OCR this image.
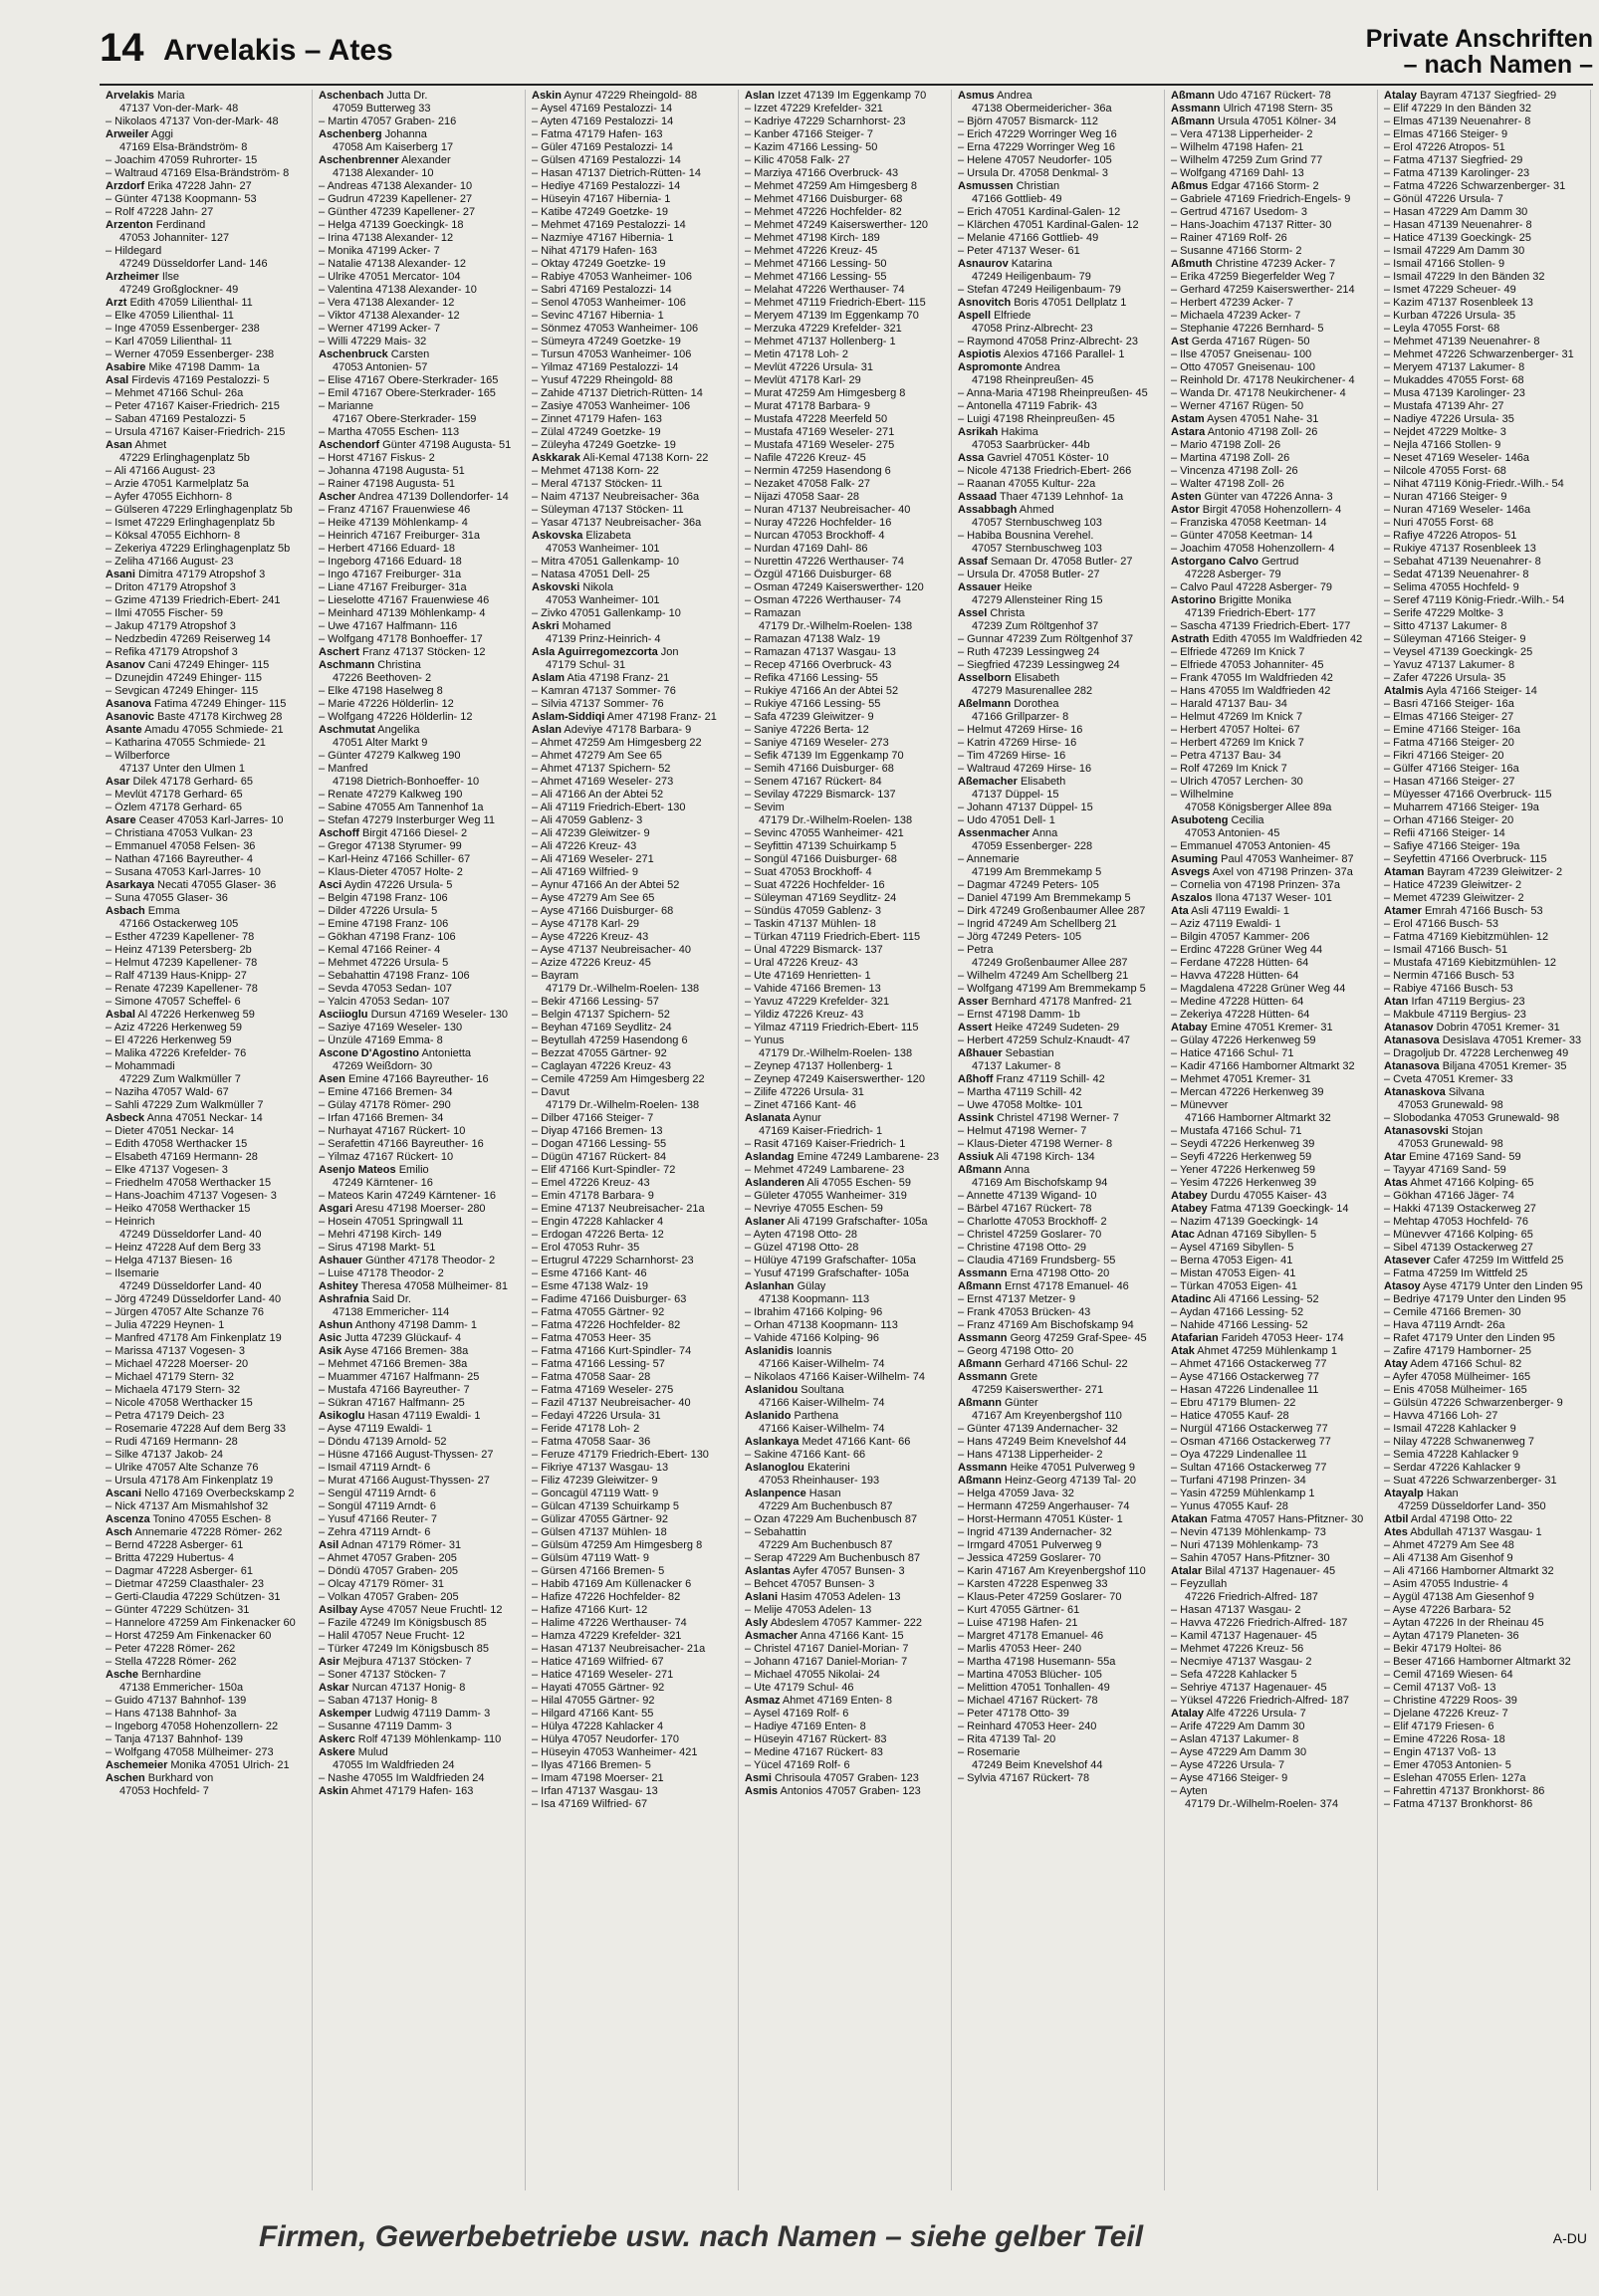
14 Arvelakis – Ates	Private Anschriften
– nach Namen –
Arvelakis Maria
47137 Von-der-Mark- 48
– Nikolaos 47137 Von-der-Mark- 48
Arweiler Aggi
47169 Elsa-Brändström- 8
– Joachim 47059 Ruhrorter- 15
– Waltraud 47169 Elsa-Brändström- 8
Arzdorf Erika 47228 Jahn- 27
– Günter 47138 Koopmann- 53
– Rolf 47228 Jahn- 27
Arzenton Ferdinand
47053 Johanniter- 127
– Hildegard
47249 Düsseldorfer Land- 146
Arzheimer Ilse
47249 Großglockner- 49
Arzt Edith 47059 Lilienthal- 11
– Elke 47059 Lilienthal- 11
– Inge 47059 Essenberger- 238
– Karl 47059 Lilienthal- 11
– Werner 47059 Essenberger- 238
Asabire Mike 47198 Damm- 1a
Asal Firdevis 47169 Pestalozzi- 5
– Mehmet 47166 Schul- 26a
– Peter 47167 Kaiser-Friedrich- 215
– Saban 47169 Pestalozzi- 5
– Ursula 47167 Kaiser-Friedrich- 215
Asan Ahmet
47229 Erlinghagenplatz 5b
– Ali 47166 August- 23
– Arzie 47051 Karmelplatz 5a
– Ayfer 47055 Eichhorn- 8
– Gülseren 47229 Erlinghagenplatz 5b
– Ismet 47229 Erlinghagenplatz 5b
– Köksal 47055 Eichhorn- 8
– Zekeriya 47229 Erlinghagenplatz 5b
– Zeliha 47166 August- 23
Asani Dimitra 47179 Atropshof 3
– Driton 47179 Atropshof 3
– Gzime 47139 Friedrich-Ebert- 241
– Ilmi 47055 Fischer- 59
– Jakup 47179 Atropshof 3
– Nedzbedin 47269 Reiserweg 14
– Refika 47179 Atropshof 3
Asanov Cani 47249 Ehinger- 115
– Dzunejdin 47249 Ehinger- 115
– Sevgican 47249 Ehinger- 115
Asanova Fatima 47249 Ehinger- 115
Asanovic Baste 47178 Kirchweg 28
Asante Amadu 47055 Schmiede- 21
– Katharina 47055 Schmiede- 21
– Wilberforce
47137 Unter den Ulmen 1
Asar Dilek 47178 Gerhard- 65
– Mevlüt 47178 Gerhard- 65
– Özlem 47178 Gerhard- 65
Asare Ceaser 47053 Karl-Jarres- 10
– Christiana 47053 Vulkan- 23
– Emmanuel 47058 Felsen- 36
– Nathan 47166 Bayreuther- 4
– Susana 47053 Karl-Jarres- 10
Asarkaya Necati 47055 Glaser- 36
– Suna 47055 Glaser- 36
Asbach Emma
47166 Ostackerweg 105
– Esther 47239 Kapellener- 78
– Heinz 47139 Petersberg- 2b
– Helmut 47239 Kapellener- 78
– Ralf 47139 Haus-Knipp- 27
– Renate 47239 Kapellener- 78
– Simone 47057 Scheffel- 6
Asbal Al 47226 Herkenweg 59
– Aziz 47226 Herkenweg 59
– El 47226 Herkenweg 59
– Malika 47226 Krefelder- 76
– Mohammadi
47229 Zum Walkmüller 7
– Naziha 47057 Wald- 67
– Sahli 47229 Zum Walkmüller 7
Asbeck Anna 47051 Neckar- 14
– Dieter 47051 Neckar- 14
– Edith 47058 Werthacker 15
– Elsabeth 47169 Hermann- 28
– Elke 47137 Vogesen- 3
– Friedhelm 47058 Werthacker 15
– Hans-Joachim 47137 Vogesen- 3
– Heiko 47058 Werthacker 15
– Heinrich
47249 Düsseldorfer Land- 40
– Heinz 47228 Auf dem Berg 33
– Helga 47137 Biesen- 16
– Ilsemarie
47249 Düsseldorfer Land- 40
– Jörg 47249 Düsseldorfer Land- 40
– Jürgen 47057 Alte Schanze 76
– Julia 47229 Heynen- 1
– Manfred 47178 Am Finkenplatz 19
– Marissa 47137 Vogesen- 3
– Michael 47228 Moerser- 20
– Michael 47179 Stern- 32
– Michaela 47179 Stern- 32
– Nicole 47058 Werthacker 15
– Petra 47179 Deich- 23
– Rosemarie 47228 Auf dem Berg 33
– Rudi 47169 Hermann- 28
– Silke 47137 Jakob- 24
– Ulrike 47057 Alte Schanze 76
– Ursula 47178 Am Finkenplatz 19
Ascani Nello 47169 Overbeckskamp 2
– Nick 47137 Am Mismahlshof 32
Ascenza Tonino 47055 Eschen- 8
Asch Annemarie 47228 Römer- 262
– Bernd 47228 Asberger- 61
– Britta 47229 Hubertus- 4
– Dagmar 47228 Asberger- 61
– Dietmar 47259 Claasthaler- 23
– Gerti-Claudia 47229 Schützen- 31
– Günter 47229 Schützen- 31
– Hannelore 47259 Am Finkenacker 60
– Horst 47259 Am Finkenacker 60
– Peter 47228 Römer- 262
– Stella 47228 Römer- 262
Asche Bernhardine
47138 Emmericher- 150a
– Guido 47137 Bahnhof- 139
– Hans 47138 Bahnhof- 3a
– Ingeborg 47058 Hohenzollern- 22
– Tanja 47137 Bahnhof- 139
– Wolfgang 47058 Mülheimer- 273
Aschemeier Monika 47051 Ulrich- 21
Aschen Burkhard von
47053 Hochfeld- 7
Aschenbach Jutta Dr.
47059 Butterweg 33
– Martin 47057 Graben- 216
Aschenberg Johanna
47058 Am Kaiserberg 17
Aschenbrenner Alexander
47138 Alexander- 10
– Andreas 47138 Alexander- 10
– Gudrun 47239 Kapellener- 27
– Günther 47239 Kapellener- 27
– Helga 47139 Goeckingk- 18
– Irina 47138 Alexander- 12
– Monika 47199 Acker- 7
– Natalie 47138 Alexander- 12
– Ulrike 47051 Mercator- 104
– Valentina 47138 Alexander- 10
– Vera 47138 Alexander- 12
– Viktor 47138 Alexander- 12
– Werner 47199 Acker- 7
– Willi 47229 Mais- 32
Aschenbruck Carsten
47053 Antonien- 57
– Elise 47167 Obere-Sterkrader- 165
– Emil 47167 Obere-Sterkrader- 165
– Marianne
47167 Obere-Sterkrader- 159
– Martha 47055 Eschen- 113
Aschendorf Günter 47198 Augusta- 51
– Horst 47167 Fiskus- 2
– Johanna 47198 Augusta- 51
– Rainer 47198 Augusta- 51
Ascher Andrea 47139 Dollendorfer- 14
– Franz 47167 Frauenwiese 46
– Heike 47139 Möhlenkamp- 4
– Heinrich 47167 Freiburger- 31a
– Herbert 47166 Eduard- 18
– Ingeborg 47166 Eduard- 18
– Ingo 47167 Freiburger- 31a
– Liane 47167 Freiburger- 31a
– Lieselotte 47167 Frauenwiese 46
– Meinhard 47139 Möhlenkamp- 4
– Uwe 47167 Halfmann- 116
– Wolfgang 47178 Bonhoeffer- 17
Aschert Franz 47137 Stöcken- 12
Aschmann Christina
47226 Beethoven- 2
– Elke 47198 Haselweg 8
– Marie 47226 Hölderlin- 12
– Wolfgang 47226 Hölderlin- 12
Aschmutat Angelika
47051 Alter Markt 9
– Günter 47279 Kalkweg 190
– Manfred
47198 Dietrich-Bonhoeffer- 10
– Renate 47279 Kalkweg 190
– Sabine 47055 Am Tannenhof 1a
– Stefan 47279 Insterburger Weg 11
Aschoff Birgit 47166 Diesel- 2
– Gregor 47138 Styrumer- 99
– Karl-Heinz 47166 Schiller- 67
– Klaus-Dieter 47057 Holte- 2
Asci Aydin 47226 Ursula- 5
– Belgin 47198 Franz- 106
– Dilder 47226 Ursula- 5
– Emine 47198 Franz- 106
– Gökhan 47198 Franz- 106
– Kemal 47166 Reiner- 4
– Mehmet 47226 Ursula- 5
– Sebahattin 47198 Franz- 106
– Sevda 47053 Sedan- 107
– Yalcin 47053 Sedan- 107
Asciioglu Dursun 47169 Weseler- 130
– Saziye 47169 Weseler- 130
– Ünzüle 47169 Emma- 8
Ascone D'Agostino Antonietta
47269 Weißdorn- 30
Asen Emine 47166 Bayreuther- 16
– Emine 47166 Bremen- 34
– Gülay 47178 Römer- 290
– Irfan 47166 Bremen- 34
– Nurhayat 47167 Rückert- 10
– Serafettin 47166 Bayreuther- 16
– Yilmaz 47167 Rückert- 10
Asenjo Mateos Emilio
47249 Kärntener- 16
– Mateos Karin 47249 Kärntener- 16
Asgari Aresu 47198 Moerser- 280
– Hosein 47051 Springwall 11
– Mehri 47198 Kirch- 149
– Sirus 47198 Markt- 51
Ashauer Günther 47178 Theodor- 2
– Luise 47178 Theodor- 2
Ashitey Theresa 47058 Mülheimer- 81
Ashrafnia Said Dr.
47138 Emmericher- 114
Ashun Anthony 47198 Damm- 1
Asic Jutta 47239 Glückauf- 4
Asik Ayse 47166 Bremen- 38a
– Mehmet 47166 Bremen- 38a
– Muammer 47167 Halfmann- 25
– Mustafa 47166 Bayreuther- 7
– Sükran 47167 Halfmann- 25
Asikoglu Hasan 47119 Ewaldi- 1
– Ayse 47119 Ewaldi- 1
– Döndu 47139 Arnold- 52
– Hüsne 47166 August-Thyssen- 27
– Ismail 47119 Arndt- 6
– Murat 47166 August-Thyssen- 27
– Sengül 47119 Arndt- 6
– Songül 47119 Arndt- 6
– Yusuf 47166 Reuter- 7
– Zehra 47119 Arndt- 6
Asil Adnan 47179 Römer- 31
– Ahmet 47057 Graben- 205
– Döndü 47057 Graben- 205
– Olcay 47179 Römer- 31
– Volkan 47057 Graben- 205
Asilbay Ayse 47057 Neue Fruchtl- 12
– Fazile 47249 Im Königsbusch 85
– Halil 47057 Neue Frucht- 12
– Türker 47249 Im Königsbusch 85
Asir Mejbura 47137 Stöcken- 7
– Soner 47137 Stöcken- 7
Askar Nurcan 47137 Honig- 8
– Saban 47137 Honig- 8
Askemper Ludwig 47119 Damm- 3
– Susanne 47119 Damm- 3
Askerc Rolf 47139 Möhlenkamp- 110
Askere Mulud
47055 Im Waldfrieden 24
– Nashe 47055 Im Waldfrieden 24
Askin Ahmet 47179 Hafen- 163
Askin Aynur 47229 Rheingold- 88
– Aysel 47169 Pestalozzi- 14
– Ayten 47169 Pestalozzi- 14
– Fatma 47179 Hafen- 163
– Güler 47169 Pestalozzi- 14
– Gülsen 47169 Pestalozzi- 14
– Hasan 47137 Dietrich-Rütten- 14
– Hediye 47169 Pestalozzi- 14
– Hüseyin 47167 Hibernia- 1
– Katibe 47249 Goetzke- 19
– Mehmet 47169 Pestalozzi- 14
– Nazmiye 47167 Hibernia- 1
– Nihat 47179 Hafen- 163
– Oktay 47249 Goetzke- 19
– Rabiye 47053 Wanheimer- 106
– Sabri 47169 Pestalozzi- 14
– Senol 47053 Wanheimer- 106
– Sevinc 47167 Hibernia- 1
– Sönmez 47053 Wanheimer- 106
– Sümeyra 47249 Goetzke- 19
– Tursun 47053 Wanheimer- 106
– Yilmaz 47169 Pestalozzi- 14
– Yusuf 47229 Rheingold- 88
– Zahide 47137 Dietrich-Rütten- 14
– Zasiye 47053 Wanheimer- 106
– Zinnet 47179 Hafen- 163
– Zülal 47249 Goetzke- 19
– Züleyha 47249 Goetzke- 19
Askkarak Ali-Kemal 47138 Korn- 22
– Mehmet 47138 Korn- 22
– Meral 47137 Stöcken- 11
– Naim 47137 Neubreisacher- 36a
– Süleyman 47137 Stöcken- 11
– Yasar 47137 Neubreisacher- 36a
Askovska Elizabeta
47053 Wanheimer- 101
– Mitra 47051 Gallenkamp- 10
– Natasa 47051 Dell- 25
Askovski Nikola
47053 Wanheimer- 101
– Zivko 47051 Gallenkamp- 10
Askri Mohamed
47139 Prinz-Heinrich- 4
Asla Aguirregomezcorta Jon
47179 Schul- 31
Aslam Atia 47198 Franz- 21
– Kamran 47137 Sommer- 76
– Silvia 47137 Sommer- 76
Aslam-Siddiqi Amer 47198 Franz- 21
Aslan Adeviye 47178 Barbara- 9
– Ahmet 47259 Am Himgesberg 22
– Ahmet 47279 Am See 65
– Ahmet 47137 Spichern- 52
– Ahmet 47169 Weseler- 273
– Ali 47166 An der Abtei 52
– Ali 47119 Friedrich-Ebert- 130
– Ali 47059 Gablenz- 3
– Ali 47239 Gleiwitzer- 9
– Ali 47226 Kreuz- 43
– Ali 47169 Weseler- 271
– Ali 47169 Wilfried- 9
– Aynur 47166 An der Abtei 52
– Ayse 47279 Am See 65
– Ayse 47166 Duisburger- 68
– Ayse 47178 Karl- 29
– Ayse 47226 Kreuz- 43
– Ayse 47137 Neubreisacher- 40
– Azize 47226 Kreuz- 45
– Bayram
47179 Dr.-Wilhelm-Roelen- 138
– Bekir 47166 Lessing- 57
– Belgin 47137 Spichern- 52
– Beyhan 47169 Seydlitz- 24
– Beytullah 47259 Hasendong 6
– Bezzat 47055 Gärtner- 92
– Caglayan 47226 Kreuz- 43
– Cemile 47259 Am Himgesberg 22
– Davut
47179 Dr.-Wilhelm-Roelen- 138
– Dilber 47166 Steiger- 7
– Diyap 47166 Bremen- 13
– Dogan 47166 Lessing- 55
– Dügün 47167 Rückert- 84
– Elif 47166 Kurt-Spindler- 72
– Emel 47226 Kreuz- 43
– Emin 47178 Barbara- 9
– Emine 47137 Neubreisacher- 21a
– Engin 47228 Kahlacker 4
– Erdogan 47226 Berta- 12
– Erol 47053 Ruhr- 35
– Ertugrul 47229 Scharnhorst- 23
– Esme 47166 Kant- 46
– Esme 47138 Walz- 19
– Fadime 47166 Duisburger- 63
– Fatma 47055 Gärtner- 92
– Fatma 47226 Hochfelder- 82
– Fatma 47053 Heer- 35
– Fatma 47166 Kurt-Spindler- 74
– Fatma 47166 Lessing- 57
– Fatma 47058 Saar- 28
– Fatma 47169 Weseler- 275
– Fazil 47137 Neubreisacher- 40
– Fedayi 47226 Ursula- 31
– Feride 47178 Loh- 2
– Fatma 47058 Saar- 36
– Feruze 47179 Friedrich-Ebert- 130
– Fikriye 47137 Wasgau- 13
– Filiz 47239 Gleiwitzer- 9
– Goncagül 47119 Watt- 9
– Gülcan 47139 Schuirkamp 5
– Gülizar 47055 Gärtner- 92
– Gülsen 47137 Mühlen- 18
– Gülsüm 47259 Am Himgesberg 8
– Gülsüm 47119 Watt- 9
– Gürsen 47166 Bremen- 5
– Habib 47169 Am Küllenacker 6
– Hafize 47226 Hochfelder- 82
– Hafize 47166 Kurt- 12
– Halime 47226 Werthauser- 74
– Hamza 47229 Krefelder- 321
– Hasan 47137 Neubreisacher- 21a
– Hatice 47169 Wilfried- 67
– Hatice 47169 Weseler- 271
– Hayati 47055 Gärtner- 92
– Hilal 47055 Gärtner- 92
– Hilgard 47166 Kant- 55
– Hülya 47228 Kahlacker 4
– Hülya 47057 Neudorfer- 170
– Hüseyin 47053 Wanheimer- 421
– Ilyas 47166 Bremen- 5
– Imam 47198 Moerser- 21
– Irfan 47137 Wasgau- 13
– Isa 47169 Wilfried- 67
Aslan Izzet 47139 Im Eggenkamp 70
– Izzet 47229 Krefelder- 321
– Kadriye 47229 Scharnhorst- 23
– Kanber 47166 Steiger- 7
– Kazim 47166 Lessing- 50
– Kilic 47058 Falk- 27
– Marziya 47166 Overbruck- 43
– Mehmet 47259 Am Himgesberg 8
– Mehmet 47166 Duisburger- 68
– Mehmet 47226 Hochfelder- 82
– Mehmet 47249 Kaiserswerther- 120
– Mehmet 47198 Kirch- 189
– Mehmet 47226 Kreuz- 45
– Mehmet 47166 Lessing- 50
– Mehmet 47166 Lessing- 55
– Melahat 47226 Werthauser- 74
– Mehmet 47119 Friedrich-Ebert- 115
– Meryem 47139 Im Eggenkamp 70
– Merzuka 47229 Krefelder- 321
– Mehmet 47137 Hollenberg- 1
– Metin 47178 Loh- 2
– Mevlüt 47226 Ursula- 31
– Mevlüt 47178 Karl- 29
– Murat 47259 Am Himgesberg 8
– Murat 47178 Barbara- 9
– Mustafa 47228 Meerfeld 50
– Mustafa 47169 Weseler- 271
– Mustafa 47169 Weseler- 275
– Nafile 47226 Kreuz- 45
– Nermin 47259 Hasendong 6
– Nezaket 47058 Falk- 27
– Nijazi 47058 Saar- 28
– Nuran 47137 Neubreisacher- 40
– Nuray 47226 Hochfelder- 16
– Nurcan 47053 Brockhoff- 4
– Nurdan 47169 Dahl- 86
– Nurettin 47226 Werthauser- 74
– Özgül 47166 Duisburger- 68
– Osman 47249 Kaiserswerther- 120
– Osman 47226 Werthauser- 74
– Ramazan
47179 Dr.-Wilhelm-Roelen- 138
– Ramazan 47138 Walz- 19
– Ramazan 47137 Wasgau- 13
– Recep 47166 Overbruck- 43
– Refika 47166 Lessing- 55
– Rukiye 47166 An der Abtei 52
– Rukiye 47166 Lessing- 55
– Safa 47239 Gleiwitzer- 9
– Saniye 47226 Berta- 12
– Saniye 47169 Weseler- 273
– Sefik 47139 Im Eggenkamp 70
– Semih 47166 Duisburger- 68
– Senem 47167 Rückert- 84
– Sevilay 47229 Bismarck- 137
– Sevim
47179 Dr.-Wilhelm-Roelen- 138
– Sevinc 47055 Wanheimer- 421
– Seyfittin 47139 Schuirkamp 5
– Songül 47166 Duisburger- 68
– Suat 47053 Brockhoff- 4
– Suat 47226 Hochfelder- 16
– Süleyman 47169 Seydlitz- 24
– Sündüs 47059 Gablenz- 3
– Taskin 47137 Mühlen- 18
– Türkan 47119 Friedrich-Ebert- 115
– Ünal 47229 Bismarck- 137
– Ural 47226 Kreuz- 43
– Ute 47169 Henrietten- 1
– Vahide 47166 Bremen- 13
– Yavuz 47229 Krefelder- 321
– Yildiz 47226 Kreuz- 43
– Yilmaz 47119 Friedrich-Ebert- 115
– Yunus
47179 Dr.-Wilhelm-Roelen- 138
– Zeynep 47137 Hollenberg- 1
– Zeynep 47249 Kaiserswerther- 120
– Zilife 47226 Ursula- 31
– Zinet 47166 Kant- 46
Aslanata Aynur
47169 Kaiser-Friedrich- 1
– Rasit 47169 Kaiser-Friedrich- 1
Aslandag Emine 47249 Lambarene- 23
– Mehmet 47249 Lambarene- 23
Aslanderen Ali 47055 Eschen- 59
– Gületer 47055 Wanheimer- 319
– Nevriye 47055 Eschen- 59
Aslaner Ali 47199 Grafschafter- 105a
– Ayten 47198 Otto- 28
– Güzel 47198 Otto- 28
– Hülüye 47199 Grafschafter- 105a
– Yusuf 47199 Grafschafter- 105a
Aslanhan Gülay
47138 Koopmann- 113
– Ibrahim 47166 Kolping- 96
– Orhan 47138 Koopmann- 113
– Vahide 47166 Kolping- 96
Aslanidis Ioannis
47166 Kaiser-Wilhelm- 74
– Nikolaos 47166 Kaiser-Wilhelm- 74
Aslanidou Soultana
47166 Kaiser-Wilhelm- 74
Aslanido Parthena
47166 Kaiser-Wilhelm- 74
Aslankaya Medet 47166 Kant- 66
– Sakine 47166 Kant- 66
Aslanoglou Ekaterini
47053 Rheinhauser- 193
Aslanpence Hasan
47229 Am Buchenbusch 87
– Ozan 47229 Am Buchenbusch 87
– Sebahattin
47229 Am Buchenbusch 87
– Serap 47229 Am Buchenbusch 87
Aslantas Ayfer 47057 Bunsen- 3
– Behcet 47057 Bunsen- 3
Aslani Hasim 47053 Adelen- 13
– Melije 47053 Adelen- 13
Asly Abdeslem 47057 Kammer- 222
Asmacher Anna 47166 Kant- 15
– Christel 47167 Daniel-Morian- 7
– Johann 47167 Daniel-Morian- 7
– Michael 47055 Nikolai- 24
– Ute 47179 Schul- 46
Asmaz Ahmet 47169 Enten- 8
– Aysel 47169 Rolf- 6
– Hadiye 47169 Enten- 8
– Hüseyin 47167 Rückert- 83
– Medine 47167 Rückert- 83
– Yücel 47169 Rolf- 6
Asmi Chrisoula 47057 Graben- 123
Asmis Antonios 47057 Graben- 123
Asmus Andrea
47138 Obermeidericher- 36a
– Björn 47057 Bismarck- 112
– Erich 47229 Worringer Weg 16
– Erna 47229 Worringer Weg 16
– Helene 47057 Neudorfer- 105
– Ursula Dr. 47058 Denkmal- 3
Asmussen Christian
47166 Gottlieb- 49
– Erich 47051 Kardinal-Galen- 12
– Klärchen 47051 Kardinal-Galen- 12
– Melanie 47166 Gottlieb- 49
– Peter 47137 Weser- 61
Asnaurov Katarina
47249 Heiligenbaum- 79
– Stefan 47249 Heiligenbaum- 79
Asnovitch Boris 47051 Dellplatz 1
Aspell Elfriede
47058 Prinz-Albrecht- 23
– Raymond 47058 Prinz-Albrecht- 23
Aspiotis Alexios 47166 Parallel- 1
Aspromonte Andrea
47198 Rheinpreußen- 45
– Anna-Maria 47198 Rheinpreußen- 45
– Antonella 47119 Fabrik- 43
– Luigi 47198 Rheinpreußen- 45
Asrikah Hakima
47053 Saarbrücker- 44b
Assa Gavriel 47051 Köster- 10
– Nicole 47138 Friedrich-Ebert- 266
– Raanan 47055 Kultur- 22a
Assaad Thaer 47139 Lehnhof- 1a
Assabbagh Ahmed
47057 Sternbuschweg 103
– Habiba Bousnina Verehel.
47057 Sternbuschweg 103
Assaf Semaan Dr. 47058 Butler- 27
– Ursula Dr. 47058 Butler- 27
Assauer Heike
47279 Allensteiner Ring 15
Assel Christa
47239 Zum Röltgenhof 37
– Gunnar 47239 Zum Röltgenhof 37
– Ruth 47239 Lessingweg 24
– Siegfried 47239 Lessingweg 24
Asselborn Elisabeth
47279 Masurenallee 282
Aßelmann Dorothea
47166 Grillparzer- 8
– Helmut 47269 Hirse- 16
– Katrin 47269 Hirse- 16
– Tim 47269 Hirse- 16
– Waltraud 47269 Hirse- 16
Aßemacher Elisabeth
47137 Düppel- 15
– Johann 47137 Düppel- 15
– Udo 47051 Dell- 1
Assenmacher Anna
47059 Essenberger- 228
– Annemarie
47199 Am Bremmekamp 5
– Dagmar 47249 Peters- 105
– Daniel 47199 Am Bremmekamp 5
– Dirk 47249 Großenbaumer Allee 287
– Ingrid 47249 Am Schellberg 21
– Jörg 47249 Peters- 105
– Petra
47249 Großenbaumer Allee 287
– Wilhelm 47249 Am Schellberg 21
– Wolfgang 47199 Am Bremmekamp 5
Asser Bernhard 47178 Manfred- 21
– Ernst 47198 Damm- 1b
Assert Heike 47249 Sudeten- 29
– Herbert 47259 Schulz-Knaudt- 47
Aßhauer Sebastian
47137 Lakumer- 8
Aßhoff Franz 47119 Schill- 42
– Martha 47119 Schill- 42
– Uwe 47058 Moltke- 101
Assink Christel 47198 Werner- 7
– Helmut 47198 Werner- 7
– Klaus-Dieter 47198 Werner- 8
Assiuk Ali 47198 Kirch- 134
Aßmann Anna
47169 Am Bischofskamp 94
– Annette 47139 Wigand- 10
– Bärbel 47167 Rückert- 78
– Charlotte 47053 Brockhoff- 2
– Christel 47259 Goslarer- 70
– Christine 47198 Otto- 29
– Claudia 47169 Frundsberg- 55
Assmann Erna 47198 Otto- 20
Aßmann Ernst 47178 Emanuel- 46
– Ernst 47137 Metzer- 9
– Frank 47053 Brücken- 43
– Franz 47169 Am Bischofskamp 94
Assmann Georg 47259 Graf-Spee- 45
– Georg 47198 Otto- 20
Aßmann Gerhard 47166 Schul- 22
Assmann Grete
47259 Kaiserswerther- 271
Aßmann Günter
47167 Am Kreyenbergshof 110
– Günter 47139 Andernacher- 32
– Hans 47249 Beim Knevelshof 44
– Hans 47138 Lipperheider- 2
Assmann Heike 47051 Pulverweg 9
Aßmann Heinz-Georg 47139 Tal- 20
– Helga 47059 Java- 32
– Hermann 47259 Angerhauser- 74
– Horst-Hermann 47051 Küster- 1
– Ingrid 47139 Andernacher- 32
– Irmgard 47051 Pulverweg 9
– Jessica 47259 Goslarer- 70
– Karin 47167 Am Kreyenbergshof 110
– Karsten 47228 Espenweg 33
– Klaus-Peter 47259 Goslarer- 70
– Kurt 47055 Gärtner- 61
– Luise 47198 Hafen- 21
– Margret 47178 Emanuel- 46
– Marlis 47053 Heer- 240
– Martha 47198 Husemann- 55a
– Martina 47053 Blücher- 105
– Melittion 47051 Tonhallen- 49
– Michael 47167 Rückert- 78
– Peter 47178 Otto- 39
– Reinhard 47053 Heer- 240
– Rita 47139 Tal- 20
– Rosemarie
47249 Beim Knevelshof 44
– Sylvia 47167 Rückert- 78
Aßmann Udo 47167 Rückert- 78
Assmann Ulrich 47198 Stern- 35
Aßmann Ursula 47051 Kölner- 34
– Vera 47138 Lipperheider- 2
– Wilhelm 47198 Hafen- 21
– Wilhelm 47259 Zum Grind 77
– Wolfgang 47169 Dahl- 13
Aßmus Edgar 47166 Storm- 2
– Gabriele 47169 Friedrich-Engels- 9
– Gertrud 47167 Usedom- 3
– Hans-Joachim 47137 Ritter- 30
– Rainer 47169 Rolf- 26
– Susanne 47166 Storm- 2
Aßmuth Christine 47239 Acker- 7
– Erika 47259 Biegerfelder Weg 7
– Gerhard 47259 Kaiserswerther- 214
– Herbert 47239 Acker- 7
– Michaela 47239 Acker- 7
– Stephanie 47226 Bernhard- 5
Ast Gerda 47167 Rügen- 50
– Ilse 47057 Gneisenau- 100
– Otto 47057 Gneisenau- 100
– Reinhold Dr. 47178 Neukirchener- 4
– Wanda Dr. 47178 Neukirchener- 4
– Werner 47167 Rügen- 50
Astam Aysen 47051 Nahe- 31
Astara Antonio 47198 Zoll- 26
– Mario 47198 Zoll- 26
– Martina 47198 Zoll- 26
– Vincenza 47198 Zoll- 26
– Walter 47198 Zoll- 26
Asten Günter van 47226 Anna- 3
Astor Birgit 47058 Hohenzollern- 4
– Franziska 47058 Keetman- 14
– Günter 47058 Keetman- 14
– Joachim 47058 Hohenzollern- 4
Astorgano Calvo Gertrud
47228 Asberger- 79
– Calvo Paul 47228 Asberger- 79
Astorino Brigitte Monika
47139 Friedrich-Ebert- 177
– Sascha 47139 Friedrich-Ebert- 177
Astrath Edith 47055 Im Waldfrieden 42
– Elfriede 47269 Im Knick 7
– Elfriede 47053 Johanniter- 45
– Frank 47055 Im Waldfrieden 42
– Hans 47055 Im Waldfrieden 42
– Harald 47137 Bau- 34
– Helmut 47269 Im Knick 7
– Herbert 47057 Holtei- 67
– Herbert 47269 Im Knick 7
– Petra 47137 Bau- 34
– Rolf 47269 Im Knick 7
– Ulrich 47057 Lerchen- 30
– Wilhelmine
47058 Königsberger Allee 89a
Asuboteng Cecilia
47053 Antonien- 45
– Emmanuel 47053 Antonien- 45
Asuming Paul 47053 Wanheimer- 87
Asvegs Axel von 47198 Prinzen- 37a
– Cornelia von 47198 Prinzen- 37a
Aszalos Ilona 47137 Weser- 101
Ata Asli 47119 Ewaldi- 1
– Aziz 47119 Ewaldi- 1
– Bilgin 47057 Kammer- 206
– Erdinc 47228 Grüner Weg 44
– Ferdane 47228 Hütten- 64
– Havva 47228 Hütten- 64
– Magdalena 47228 Grüner Weg 44
– Medine 47228 Hütten- 64
– Zekeriya 47228 Hütten- 64
Atabay Emine 47051 Kremer- 31
– Gülay 47226 Herkenweg 59
– Hatice 47166 Schul- 71
– Kadir 47166 Hamborner Altmarkt 32
– Mehmet 47051 Kremer- 31
– Mercan 47226 Herkenweg 39
– Münevver
47166 Hamborner Altmarkt 32
– Mustafa 47166 Schul- 71
– Seydi 47226 Herkenweg 39
– Seyfi 47226 Herkenweg 59
– Yener 47226 Herkenweg 59
– Yesim 47226 Herkenweg 39
Atabey Durdu 47055 Kaiser- 43
Atabey Fatma 47139 Goeckingk- 14
– Nazim 47139 Goeckingk- 14
Atac Adnan 47169 Sibyllen- 5
– Aysel 47169 Sibyllen- 5
– Berna 47053 Eigen- 41
– Mistan 47053 Eigen- 41
– Türkan 47053 Eigen- 41
Atadinc Ali 47166 Lessing- 52
– Aydan 47166 Lessing- 52
– Nahide 47166 Lessing- 52
Atafarian Farideh 47053 Heer- 174
Atak Ahmet 47259 Mühlenkamp 1
– Ahmet 47166 Ostackerweg 77
– Ayse 47166 Ostackerweg 77
– Hasan 47226 Lindenallee 11
– Ebru 47179 Blumen- 22
– Hatice 47055 Kauf- 28
– Nurgül 47166 Ostackerweg 77
– Osman 47166 Ostackerweg 77
– Oya 47229 Lindenallee 11
– Sultan 47166 Ostackerweg 77
– Turfani 47198 Prinzen- 34
– Yasin 47259 Mühlenkamp 1
– Yunus 47055 Kauf- 28
Atakan Fatma 47057 Hans-Pfitzner- 30
– Nevin 47139 Möhlenkamp- 73
– Nuri 47139 Möhlenkamp- 73
– Sahin 47057 Hans-Pfitzner- 30
Atalar Bilal 47137 Hagenauer- 45
– Feyzullah
47226 Friedrich-Alfred- 187
– Hasan 47137 Wasgau- 2
– Havva 47226 Friedrich-Alfred- 187
– Kamil 47137 Hagenauer- 45
– Mehmet 47226 Kreuz- 56
– Necmiye 47137 Wasgau- 2
– Sefa 47228 Kahlacker 5
– Sehriye 47137 Hagenauer- 45
– Yüksel 47226 Friedrich-Alfred- 187
Atalay Alfe 47226 Ursula- 7
– Arife 47229 Am Damm 30
– Aslan 47137 Lakumer- 8
– Ayse 47229 Am Damm 30
– Ayse 47226 Ursula- 7
– Ayse 47166 Steiger- 9
– Ayten
47179 Dr.-Wilhelm-Roelen- 374
Atalay Bayram 47137 Siegfried- 29
– Elif 47229 In den Bänden 32
– Elmas 47139 Neuenahrer- 8
– Elmas 47166 Steiger- 9
– Erol 47226 Atropos- 51
– Fatma 47137 Siegfried- 29
– Fatma 47139 Karolinger- 23
– Fatma 47226 Schwarzenberger- 31
– Gönül 47226 Ursula- 7
– Hasan 47229 Am Damm 30
– Hasan 47139 Neuenahrer- 8
– Hatice 47139 Goeckingk- 25
– Ismail 47229 Am Damm 30
– Ismail 47166 Stollen- 9
– Ismail 47229 In den Bänden 32
– Ismet 47229 Scheuer- 49
– Kazim 47137 Rosenbleek 13
– Kurban 47226 Ursula- 35
– Leyla 47055 Forst- 68
– Mehmet 47139 Neuenahrer- 8
– Mehmet 47226 Schwarzenberger- 31
– Meryem 47137 Lakumer- 8
– Mukaddes 47055 Forst- 68
– Musa 47139 Karolinger- 23
– Mustafa 47139 Ahr- 27
– Nadiye 47226 Ursula- 35
– Nejdet 47229 Moltke- 3
– Nejla 47166 Stollen- 9
– Neset 47169 Weseler- 146a
– Nilcole 47055 Forst- 68
– Nihat 47119 König-Friedr.-Wilh.- 54
– Nuran 47166 Steiger- 9
– Nuran 47169 Weseler- 146a
– Nuri 47055 Forst- 68
– Rafiye 47226 Atropos- 51
– Rukiye 47137 Rosenbleek 13
– Sebahat 47139 Neuenahrer- 8
– Sedat 47139 Neuenahrer- 8
– Selima 47055 Hochfeld- 9
– Seref 47119 König-Friedr.-Wilh.- 54
– Serife 47229 Moltke- 3
– Sitto 47137 Lakumer- 8
– Süleyman 47166 Steiger- 9
– Veysel 47139 Goeckingk- 25
– Yavuz 47137 Lakumer- 8
– Zafer 47226 Ursula- 35
Atalmis Ayla 47166 Steiger- 14
– Basri 47166 Steiger- 16a
– Elmas 47166 Steiger- 27
– Emine 47166 Steiger- 16a
– Fatma 47166 Steiger- 20
– Fikri 47166 Steiger- 20
– Gülfer 47166 Steiger- 16a
– Hasan 47166 Steiger- 27
– Müyesser 47166 Overbruck- 115
– Muharrem 47166 Steiger- 19a
– Orhan 47166 Steiger- 20
– Refii 47166 Steiger- 14
– Safiye 47166 Steiger- 19a
– Seyfettin 47166 Overbruck- 115
Ataman Bayram 47239 Gleiwitzer- 2
– Hatice 47239 Gleiwitzer- 2
– Memet 47239 Gleiwitzer- 2
Atamer Emrah 47166 Busch- 53
– Erol 47166 Busch- 53
– Fatma 47169 Kiebitzmühlen- 12
– Ismail 47166 Busch- 51
– Mustafa 47169 Kiebitzmühlen- 12
– Nermin 47166 Busch- 53
– Rabiye 47166 Busch- 53
Atan Irfan 47119 Bergius- 23
– Makbule 47119 Bergius- 23
Atanasov Dobrin 47051 Kremer- 31
Atanasova Desislava 47051 Kremer- 33
– Dragoljub Dr. 47228 Lerchenweg 49
Atanasova Biljana 47051 Kremer- 35
– Cveta 47051 Kremer- 33
Atanaskova Silvana
47053 Grunewald- 98
– Slobodanka 47053 Grunewald- 98
Atanasovski Stojan
47053 Grunewald- 98
Atar Emine 47169 Sand- 59
– Tayyar 47169 Sand- 59
Atas Ahmet 47166 Kolping- 65
– Gökhan 47166 Jäger- 74
– Hakki 47139 Ostackerweg 27
– Mehtap 47053 Hochfeld- 76
– Münevver 47166 Kolping- 65
– Sibel 47139 Ostackerweg 27
Atasever Cafer 47259 Im Wittfeld 25
– Fatma 47259 Im Wittfeld 25
Atasoy Ayse 47179 Unter den Linden 95
– Bedriye 47179 Unter den Linden 95
– Cemile 47166 Bremen- 30
– Hava 47119 Arndt- 26a
– Rafet 47179 Unter den Linden 95
– Zafire 47179 Hamborner- 25
Atay Adem 47166 Schul- 82
– Ayfer 47058 Mülheimer- 165
– Enis 47058 Mülheimer- 165
– Gülsün 47226 Schwarzenberger- 9
– Havva 47166 Loh- 27
– Ismail 47228 Kahlacker 9
– Nilay 47228 Schwanenweg 7
– Semia 47228 Kahlacker 9
– Serdar 47226 Kahlacker 9
– Suat 47226 Schwarzenberger- 31
Atayalp Hakan
47259 Düsseldorfer Land- 350
Atbil Ardal 47198 Otto- 22
Ates Abdullah 47137 Wasgau- 1
– Ahmet 47279 Am See 48
– Ali 47138 Am Gisenhof 9
– Ali 47166 Hamborner Altmarkt 32
– Asim 47055 Industrie- 4
– Aygül 47138 Am Giesenhof 9
– Ayse 47226 Barbara- 52
– Aytan 47226 In der Rheinau 45
– Aytan 47179 Planeten- 36
– Bekir 47179 Holtei- 86
– Beser 47166 Hamborner Altmarkt 32
– Cemil 47169 Wiesen- 64
– Cemil 47137 Voß- 13
– Christine 47229 Roos- 39
– Djelane 47226 Kreuz- 7
– Elif 47179 Friesen- 6
– Emine 47226 Rosa- 18
– Engin 47137 Voß- 13
– Emer 47053 Antonien- 5
– Eslehan 47055 Erlen- 127a
– Fahrettin 47137 Bronkhorst- 86
– Fatma 47137 Bronkhorst- 86
Firmen, Gewerbebetriebe usw. nach Namen – siehe gelber Teil	A-DU
